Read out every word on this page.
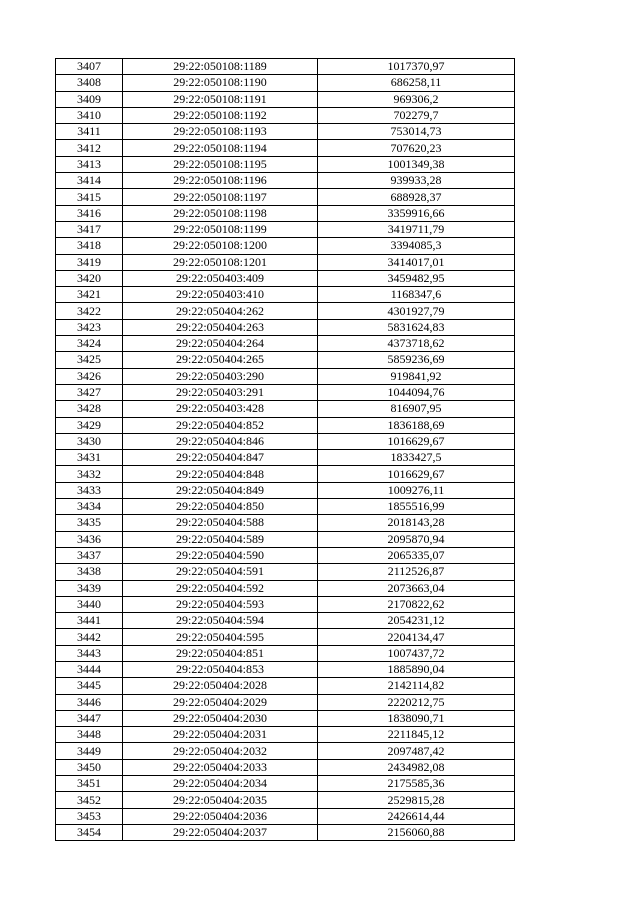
3407	29:22:050108:1189	1017370,97
3408	29:22:050108:1190	686258,11
3409	29:22:050108:1191	969306,2
3410	29:22:050108:1192	702279,7
3411	29:22:050108:1193	753014,73
3412	29:22:050108:1194	707620,23
3413	29:22:050108:1195	1001349,38
3414	29:22:050108:1196	939933,28
3415	29:22:050108:1197	688928,37
3416	29:22:050108:1198	3359916,66
3417	29:22:050108:1199	3419711,79
3418	29:22:050108:1200	3394085,3
3419	29:22:050108:1201	3414017,01
3420	29:22:050403:409	3459482,95
3421	29:22:050403:410	1168347,6
3422	29:22:050404:262	4301927,79
3423	29:22:050404:263	5831624,83
3424	29:22:050404:264	4373718,62
3425	29:22:050404:265	5859236,69
3426	29:22:050403:290	919841,92
3427	29:22:050403:291	1044094,76
3428	29:22:050403:428	816907,95
3429	29:22:050404:852	1836188,69
3430	29:22:050404:846	1016629,67
3431	29:22:050404:847	1833427,5
3432	29:22:050404:848	1016629,67
3433	29:22:050404:849	1009276,11
3434	29:22:050404:850	1855516,99
3435	29:22:050404:588	2018143,28
3436	29:22:050404:589	2095870,94
3437	29:22:050404:590	2065335,07
3438	29:22:050404:591	2112526,87
3439	29:22:050404:592	2073663,04
3440	29:22:050404:593	2170822,62
3441	29:22:050404:594	2054231,12
3442	29:22:050404:595	2204134,47
3443	29:22:050404:851	1007437,72
3444	29:22:050404:853	1885890,04
3445	29:22:050404:2028	2142114,82
3446	29:22:050404:2029	2220212,75
3447	29:22:050404:2030	1838090,71
3448	29:22:050404:2031	2211845,12
3449	29:22:050404:2032	2097487,42
3450	29:22:050404:2033	2434982,08
3451	29:22:050404:2034	2175585,36
3452	29:22:050404:2035	2529815,28
3453	29:22:050404:2036	2426614,44
3454	29:22:050404:2037	2156060,88
